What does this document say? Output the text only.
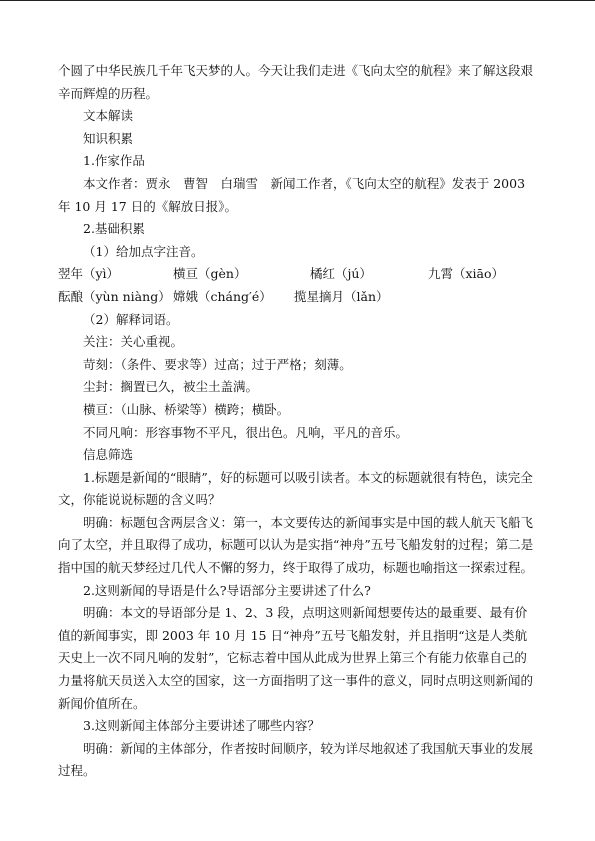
个圆了中华民族几千年飞天梦的人。今天让我们走进《飞向太空的航程》来了解这段艰辛而辉煌的历程。

文本解读

知识积累

1.作家作品

本文作者：贾永　曹智　白瑞雪　新闻工作者，《飞向太空的航程》发表于 2003 年 10 月 17 日的《解放日报》。

2.基础积累

（1）给加点字注音。

翌年（yì）	横亘（gèn）	橘红（jú）	九霄（xiāo）
酝酿（yùn niàng） 嫦娥（cháng′é）	揽星摘月（lǎn）

（2）解释词语。

关注：关心重视。

苛刻：（条件、要求等）过高；过于严格；刻薄。

尘封：搁置已久，被尘土盖满。

横亘：（山脉、桥梁等）横跨；横卧。

不同凡响：形容事物不平凡，很出色。凡响，平凡的音乐。

信息筛选

1.标题是新闻的“眼睛”，好的标题可以吸引读者。本文的标题就很有特色，读完全文，你能说说标题的含义吗？

明确：标题包含两层含义：第一，本文要传达的新闻事实是中国的载人航天飞船飞向了太空，并且取得了成功，标题可以认为是实指“神舟”五号飞船发射的过程；第二是指中国的航天梦经过几代人不懈的努力，终于取得了成功，标题也喻指这一探索过程。

2.这则新闻的导语是什么?导语部分主要讲述了什么?

明确：本文的导语部分是 1、2、3 段，点明这则新闻想要传达的最重要、最有价值的新闻事实，即 2003 年 10 月 15 日“神舟”五号飞船发射，并且指明“这是人类航天史上一次不同凡响的发射”，它标志着中国从此成为世界上第三个有能力依靠自己的力量将航天员送入太空的国家，这一方面指明了这一事件的意义，同时点明这则新闻的新闻价值所在。

3.这则新闻主体部分主要讲述了哪些内容？

明确：新闻的主体部分，作者按时间顺序，较为详尽地叙述了我国航天事业的发展过程。
